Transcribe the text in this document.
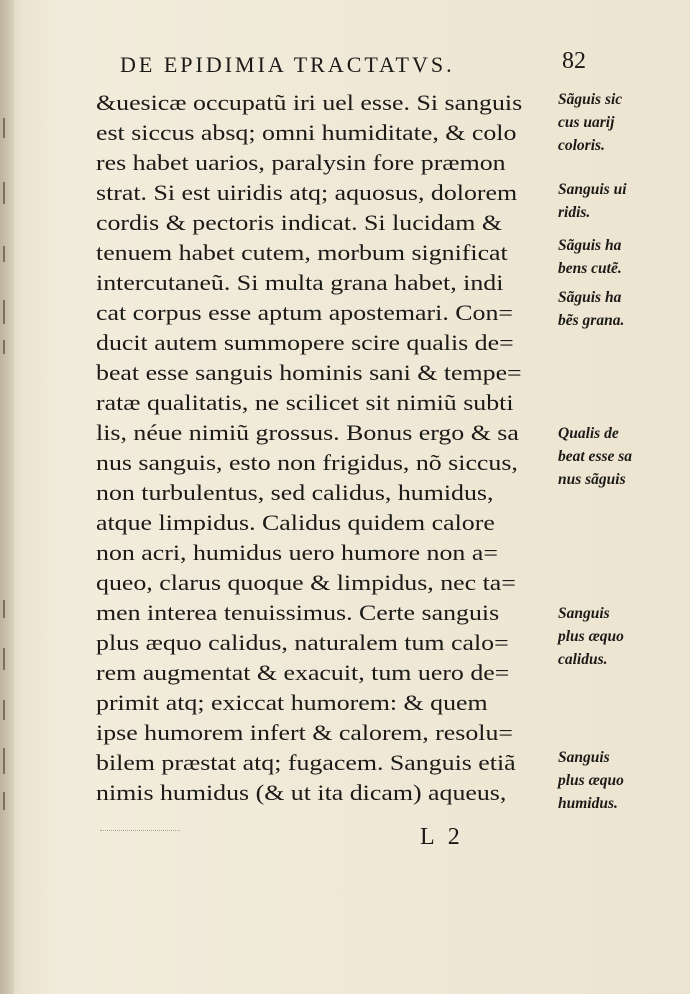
DE EPIDIMIA TRACTATVS.	82
&uesicæ occupatũ iri uel esse. Si sanguis
est siccus absq; omni humiditate, & colo
res habet uarios, paralysin fore præmon
strat. Si est uiridis atq; aquosus, dolorem
cordis & pectoris indicat. Si lucidam &
tenuem habet cutem, morbum significat
intercutaneũ. Si multa grana habet, indi
cat corpus esse aptum apostemari. Con=
ducit autem summopere scire qualis de=
beat esse sanguis hominis sani & tempe=
ratæ qualitatis, ne scilicet sit nimiũ subti
lis, néue nimiũ grossus. Bonus ergo & sa
nus sanguis, esto non frigidus, nõ siccus,
non turbulentus, sed calidus, humidus,
atque limpidus. Calidus quidem calore
non acri, humidus uero humore non a=
queo, clarus quoque & limpidus, nec ta=
men interea tenuissimus. Certe sanguis
plus æquo calidus, naturalem tum calo=
rem augmentat & exacuit, tum uero de=
primit atq; exiccat humorem: & quem
ipse humorem infert & calorem, resolu=
bilem præstat atq; fugacem. Sanguis etiã
nimis humidus (& ut ita dicam) aqueus,
Sãguis sic
cus uarij
coloris.
Sanguis ui
ridis.
Sãguis ha
bens cutẽ.
Sãguis ha
bẽs grana.
Qualis de
beat esse sa
nus sãguis
Sanguis
plus æquo
calidus.
Sanguis
plus æquo
humidus.
L 2
